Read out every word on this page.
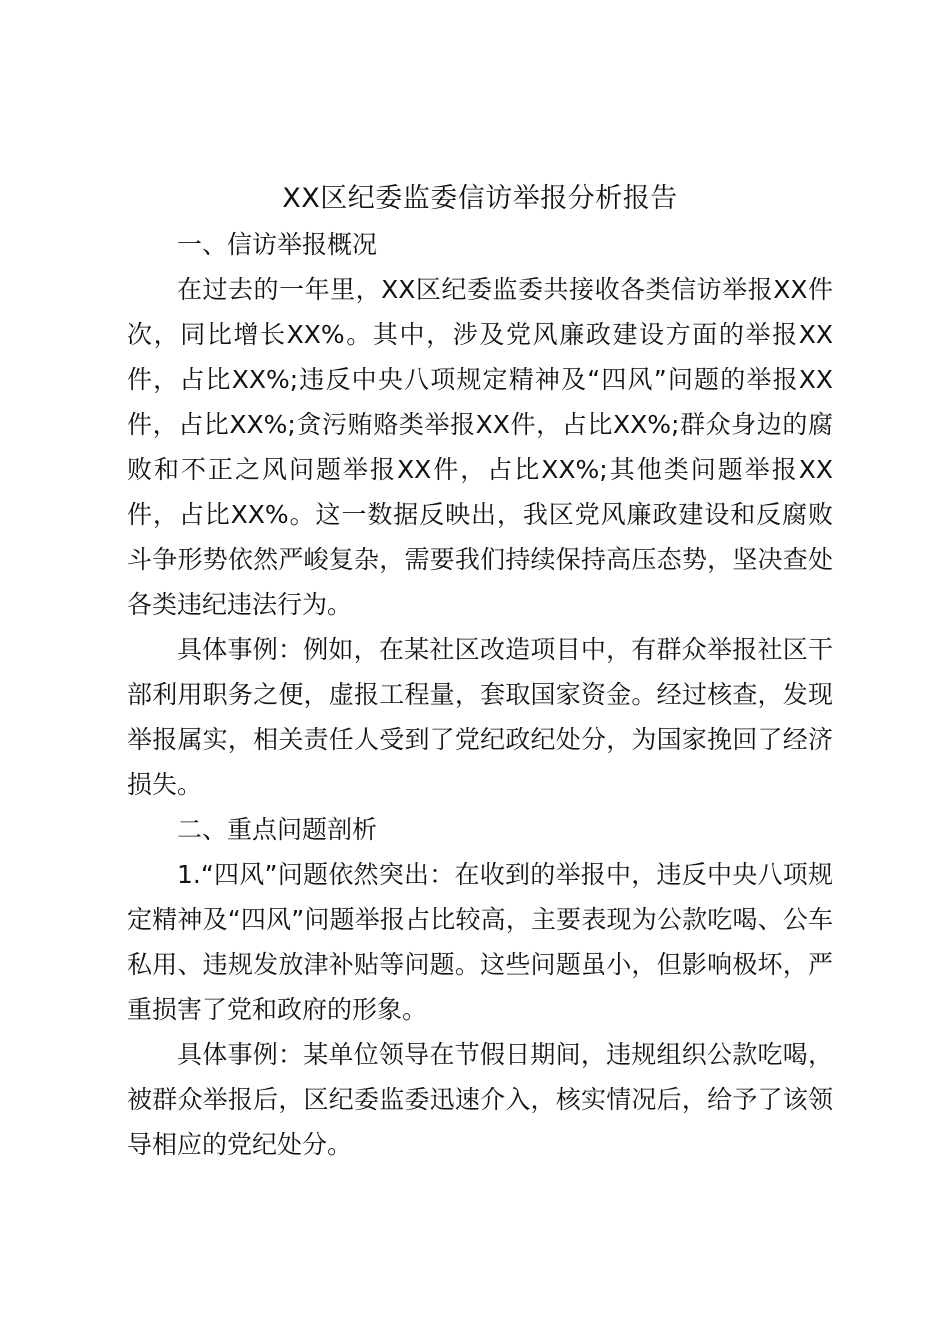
XX区纪委监委信访举报分析报告

一、信访举报概况

在过去的一年里，XX区纪委监委共接收各类信访举报XX件次，同比增长XX%。其中，涉及党风廉政建设方面的举报XX件，占比XX%;违反中央八项规定精神及“四风”问题的举报XX件，占比XX%;贪污贿赂类举报XX件，占比XX%;群众身边的腐败和不正之风问题举报XX件，占比XX%;其他类问题举报XX件，占比XX%。这一数据反映出，我区党风廉政建设和反腐败斗争形势依然严峻复杂，需要我们持续保持高压态势，坚决查处各类违纪违法行为。

具体事例：例如，在某社区改造项目中，有群众举报社区干部利用职务之便，虚报工程量，套取国家资金。经过核查，发现举报属实，相关责任人受到了党纪政纪处分，为国家挽回了经济损失。

二、重点问题剖析

1.“四风”问题依然突出：在收到的举报中，违反中央八项规定精神及“四风”问题举报占比较高，主要表现为公款吃喝、公车私用、违规发放津补贴等问题。这些问题虽小，但影响极坏，严重损害了党和政府的形象。

具体事例：某单位领导在节假日期间，违规组织公款吃喝，被群众举报后，区纪委监委迅速介入，核实情况后，给予了该领导相应的党纪处分。
